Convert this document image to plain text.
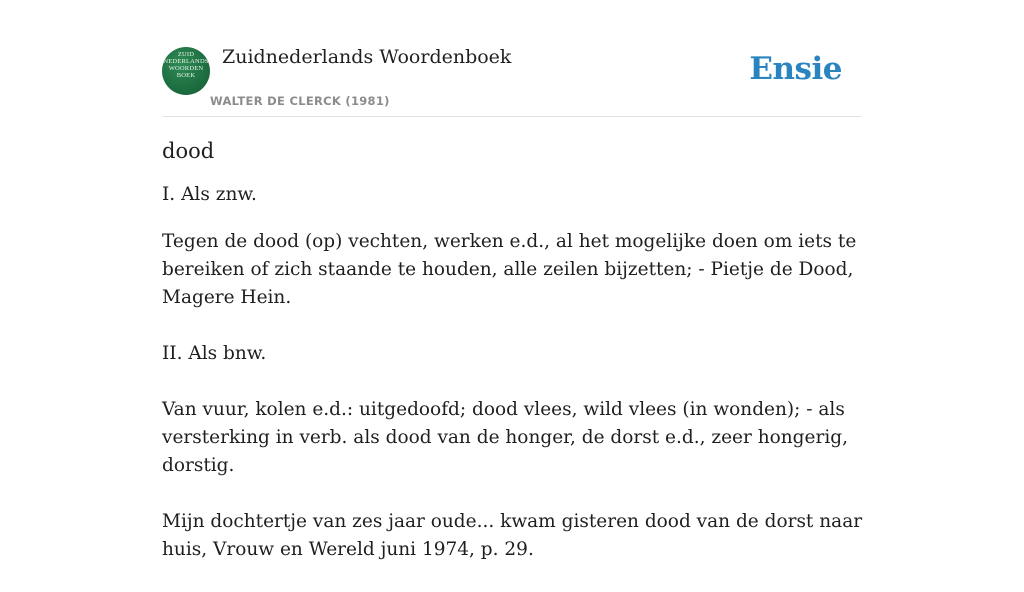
ZUID
NEDERLANDS
WOORDEN
BOEK
Zuidnederlands Woordenboek
WALTER DE CLERCK (1981)
Ensie
dood

I. Als znw.

Tegen de dood (op) vechten, werken e.d., al het mogelijke doen om iets te bereiken of zich staande te houden, alle zeilen bijzetten; - Pietje de Dood, Magere Hein.

II. Als bnw.

Van vuur, kolen e.d.: uitgedoofd; dood vlees, wild vlees (in wonden); - als versterking in verb. als dood van de honger, de dorst e.d., zeer hongerig, dorstig.

Mijn dochtertje van zes jaar oude... kwam gisteren dood van de dorst naar huis, Vrouw en Wereld juni 1974, p. 29.
